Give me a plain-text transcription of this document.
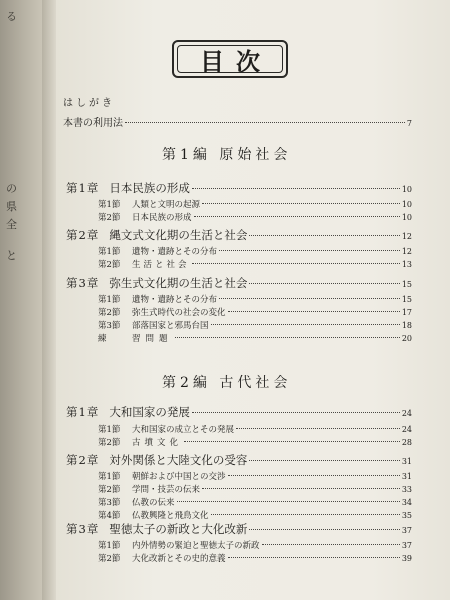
る
の
県
全
と
目次
はしがき
本書の利用法	7
第1編 原始社会
第1章 日本民族の形成	10
第1節	人類と文明の起源	10
第2節	日本民族の形成	10
第2章 縄文式文化期の生活と社会	12
第1節	遺物・遺跡とその分布	12
第2節	生活と社会	13
第3章 弥生式文化期の生活と社会	15
第1節	遺物・遺跡とその分布	15
第2節	弥生式時代の社会の変化	17
第3節	部落国家と邪馬台国	18
練	習問題	20
第2編 古代社会
第1章 大和国家の発展	24
第1節	大和国家の成立とその発展	24
第2節	古墳文化	28
第2章 対外関係と大陸文化の受容	31
第1節	朝鮮および中国との交渉	31
第2節	学問・技芸の伝来	33
第3節	仏教の伝来	34
第4節	仏教興隆と飛鳥文化	35
第3章 聖徳太子の新政と大化改新	37
第1節	内外情勢の緊迫と聖徳太子の新政	37
第2節	大化改新とその史的意義	39
